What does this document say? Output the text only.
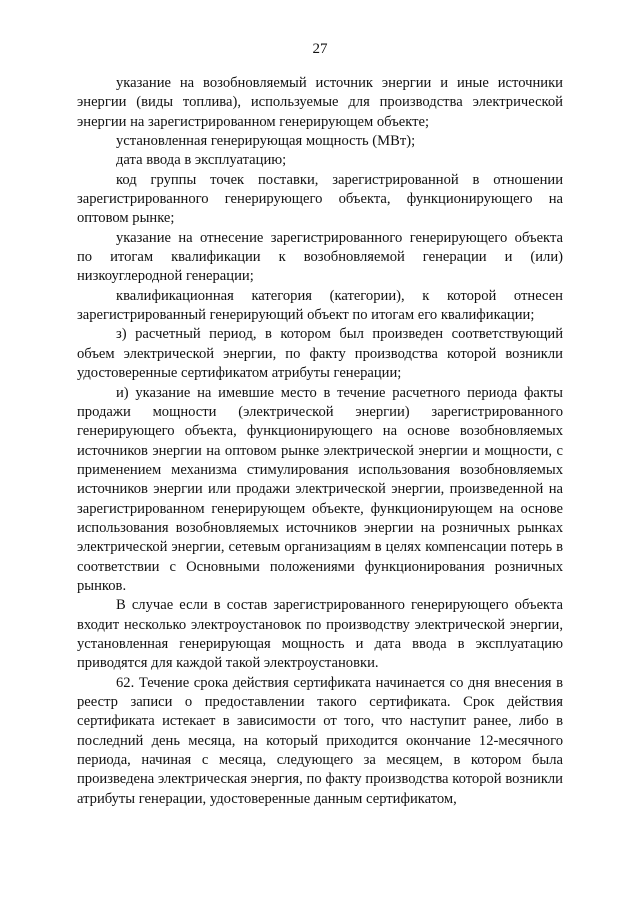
27

указание на возобновляемый источник энергии и иные источники энергии (виды топлива), используемые для производства электрической энергии на зарегистрированном генерирующем объекте;

установленная генерирующая мощность (МВт);

дата ввода в эксплуатацию;

код группы точек поставки, зарегистрированной в отношении зарегистрированного генерирующего объекта, функционирующего на оптовом рынке;

указание на отнесение зарегистрированного генерирующего объекта по итогам квалификации к возобновляемой генерации и (или) низкоуглеродной генерации;

квалификационная категория (категории), к которой отнесен зарегистрированный генерирующий объект по итогам его квалификации;

з) расчетный период, в котором был произведен соответствующий объем электрической энергии, по факту производства которой возникли удостоверенные сертификатом атрибуты генерации;

и) указание на имевшие место в течение расчетного периода факты продажи мощности (электрической энергии) зарегистрированного генерирующего объекта, функционирующего на основе возобновляемых источников энергии на оптовом рынке электрической энергии и мощности, с применением механизма стимулирования использования возобновляемых источников энергии или продажи электрической энергии, произведенной на зарегистрированном генерирующем объекте, функционирующем на основе использования возобновляемых источников энергии на розничных рынках электрической энергии, сетевым организациям в целях компенсации потерь в соответствии с Основными положениями функционирования розничных рынков.

В случае если в состав зарегистрированного генерирующего объекта входит несколько электроустановок по производству электрической энергии, установленная генерирующая мощность и дата ввода в эксплуатацию приводятся для каждой такой электроустановки.

62. Течение срока действия сертификата начинается со дня внесения в реестр записи о предоставлении такого сертификата. Срок действия сертификата истекает в зависимости от того, что наступит ранее, либо в последний день месяца, на который приходится окончание 12-месячного периода, начиная с месяца, следующего за месяцем, в котором была произведена электрическая энергия, по факту производства которой возникли атрибуты генерации, удостоверенные данным сертификатом,
